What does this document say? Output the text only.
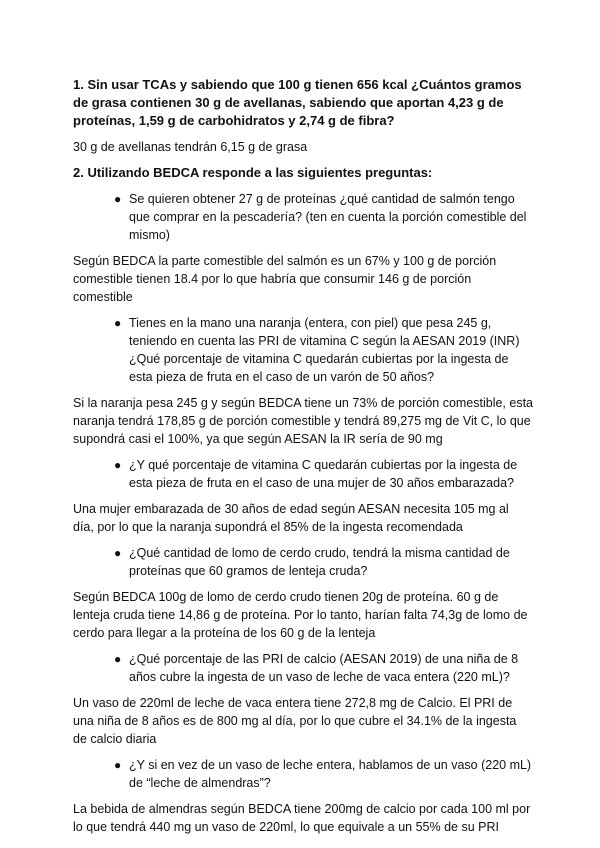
1. Sin usar TCAs y sabiendo que 100 g tienen 656 kcal ¿Cuántos gramos de grasa contienen 30 g de avellanas, sabiendo que aportan 4,23 g de proteínas, 1,59 g de carbohidratos y 2,74 g de fibra?

30 g de avellanas tendrán 6,15 g de grasa

2. Utilizando BEDCA responde a las siguientes preguntas:

● Se quieren obtener 27 g de proteínas ¿qué cantidad de salmón tengo que comprar en la pescadería? (ten en cuenta la porción comestible del mismo)

Según BEDCA la parte comestible del salmón es un 67% y 100 g de porción comestible tienen 18.4 por lo que habría que consumir 146 g de porción comestible

● Tienes en la mano una naranja (entera, con piel) que pesa 245 g, teniendo en cuenta las PRI de vitamina C según la AESAN 2019 (INR) ¿Qué porcentaje de vitamina C quedarán cubiertas por la ingesta de esta pieza de fruta en el caso de un varón de 50 años?

Si la naranja pesa 245 g y según BEDCA tiene un 73% de porción comestible, esta naranja tendrá 178,85 g de porción comestible y tendrá 89,275 mg de Vit C, lo que supondrá casi el 100%, ya que según AESAN la IR sería de 90 mg

● ¿Y qué porcentaje de vitamina C quedarán cubiertas por la ingesta de esta pieza de fruta en el caso de una mujer de 30 años embarazada?

Una mujer embarazada de 30 años de edad según AESAN necesita 105 mg al día, por lo que la naranja supondrá el 85% de la ingesta recomendada

● ¿Qué cantidad de lomo de cerdo crudo, tendrá la misma cantidad de proteínas que 60 gramos de lenteja cruda?

Según BEDCA 100g de lomo de cerdo crudo tienen 20g de proteína. 60 g de lenteja cruda tiene 14,86 g de proteína. Por lo tanto, harían falta 74,3g de lomo de cerdo para llegar a la proteína de los 60 g de la lenteja

● ¿Qué porcentaje de las PRI de calcio (AESAN 2019) de una niña de 8 años cubre la ingesta de un vaso de leche de vaca entera (220 mL)?

Un vaso de 220ml de leche de vaca entera tiene 272,8 mg de Calcio. El PRI de una niña de 8 años es de 800 mg al día, por lo que cubre el 34.1% de la ingesta de calcio diaria

● ¿Y si en vez de un vaso de leche entera, hablamos de un vaso (220 mL) de “leche de almendras”?

La bebida de almendras según BEDCA tiene 200mg de calcio por cada 100 ml por lo que tendrá 440 mg un vaso de 220ml, lo que equivale a un 55% de su PRI
